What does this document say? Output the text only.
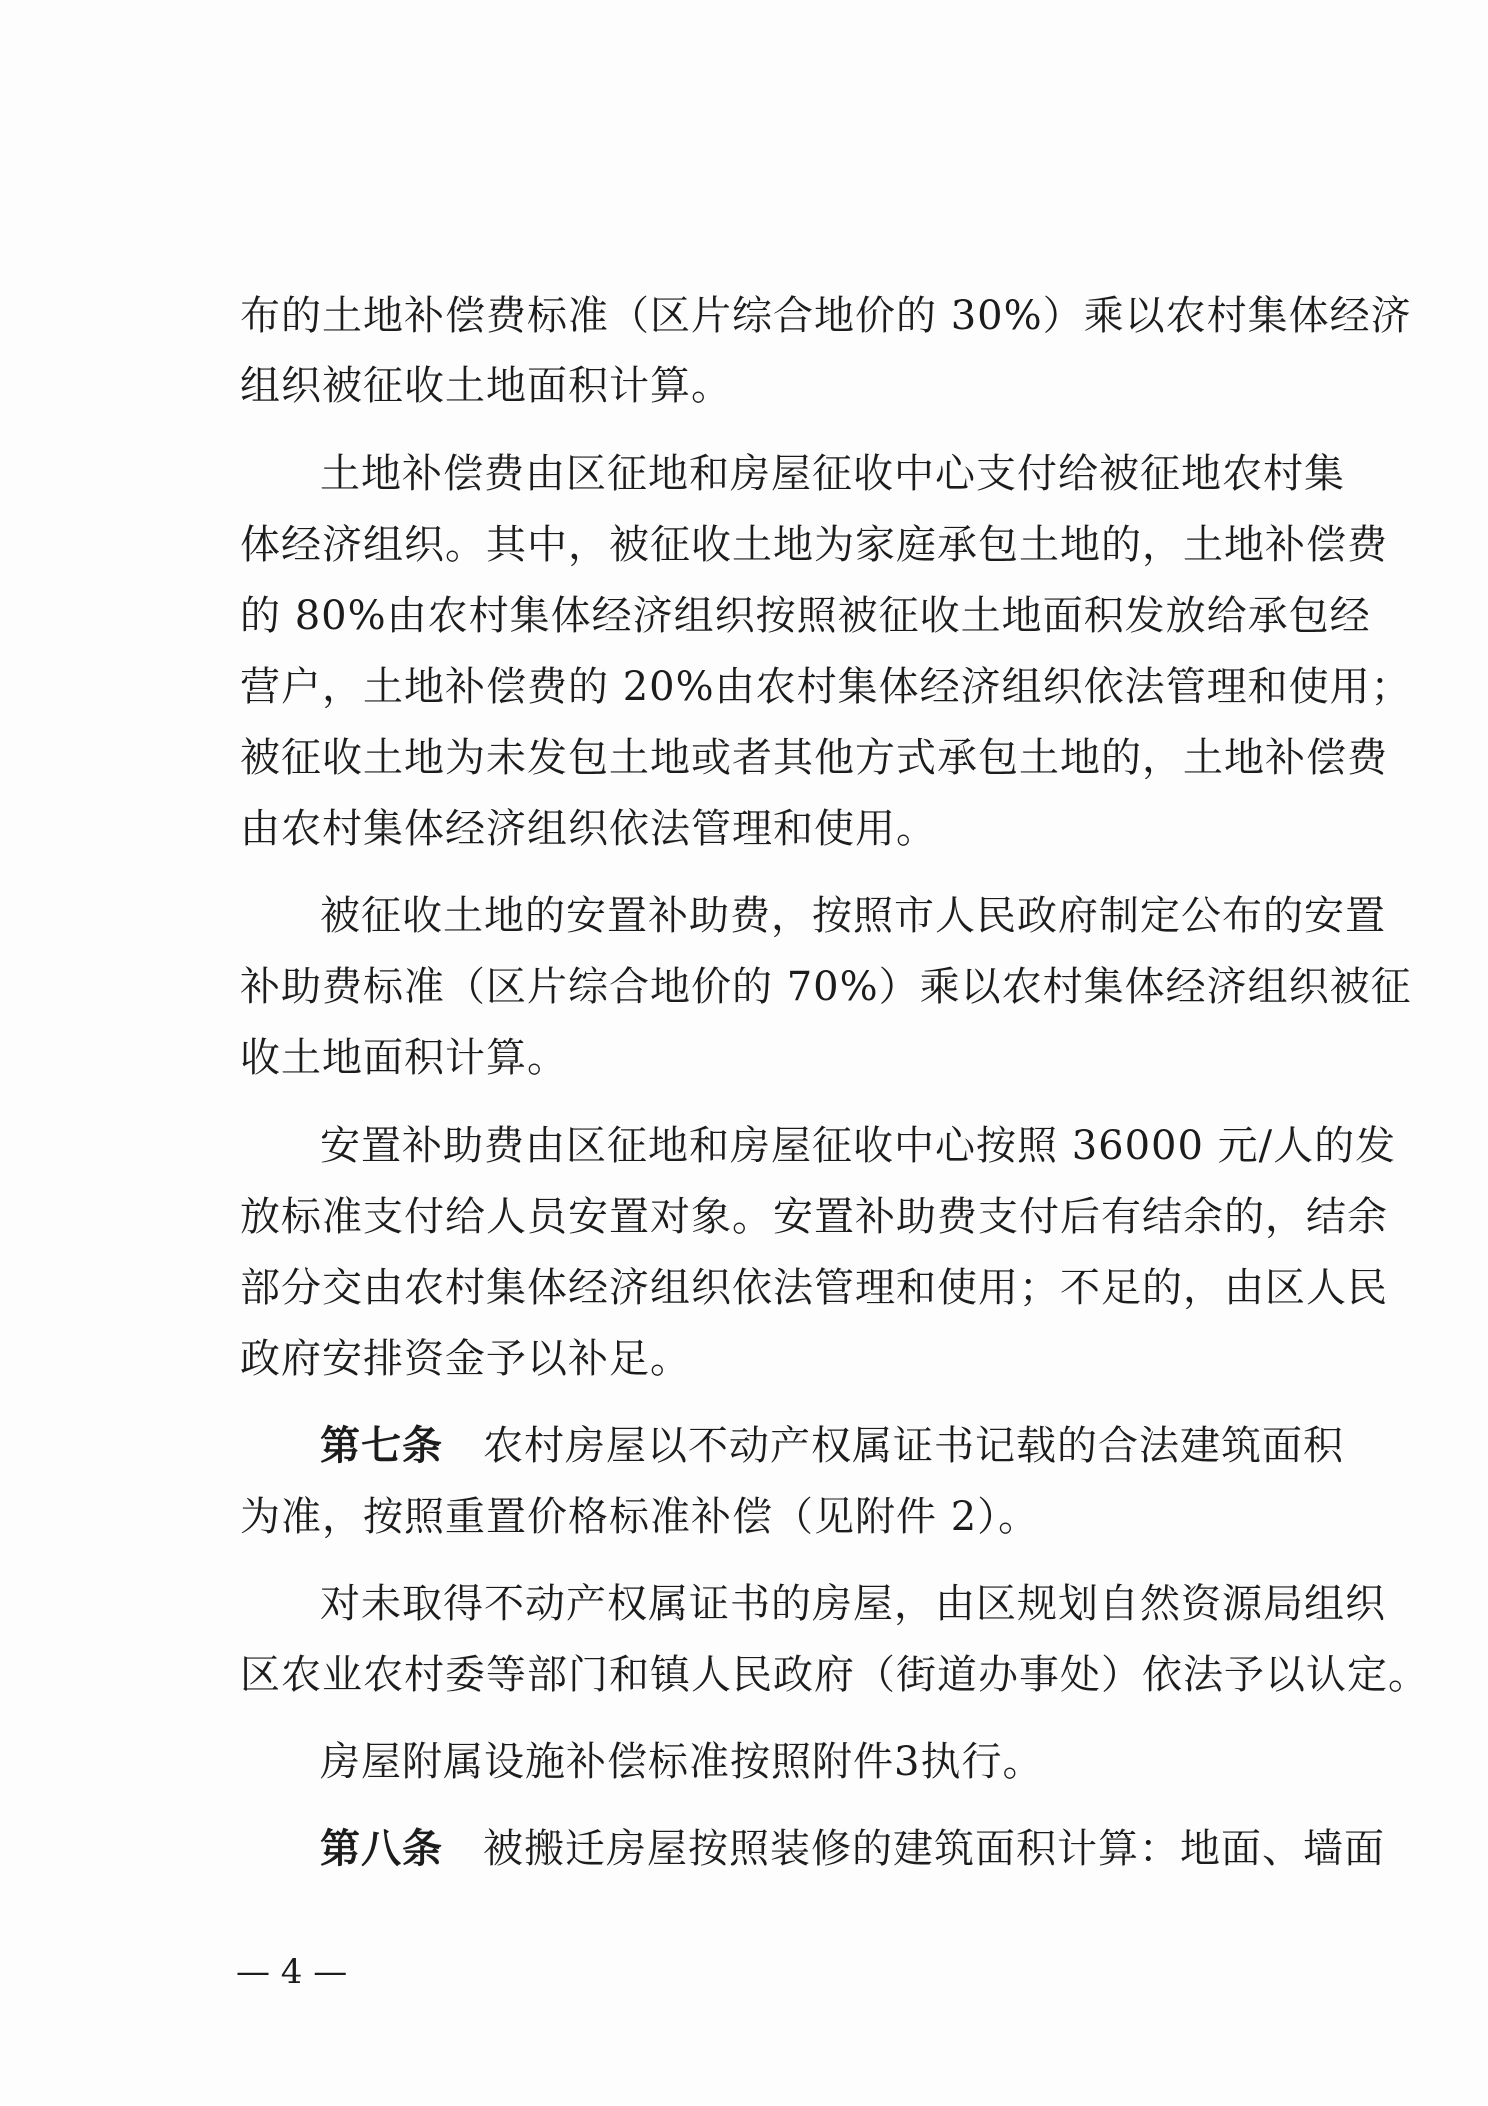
布的土地补偿费标准（区片综合地价的 30%）乘以农村集体经济
组织被征收土地面积计算。
土地补偿费由区征地和房屋征收中心支付给被征地农村集
体经济组织。其中，被征收土地为家庭承包土地的，土地补偿费
的 80%由农村集体经济组织按照被征收土地面积发放给承包经
营户，土地补偿费的 20%由农村集体经济组织依法管理和使用；
被征收土地为未发包土地或者其他方式承包土地的，土地补偿费
由农村集体经济组织依法管理和使用。
被征收土地的安置补助费，按照市人民政府制定公布的安置
补助费标准（区片综合地价的 70%）乘以农村集体经济组织被征
收土地面积计算。
安置补助费由区征地和房屋征收中心按照 36000 元/人的发
放标准支付给人员安置对象。安置补助费支付后有结余的，结余
部分交由农村集体经济组织依法管理和使用；不足的，由区人民
政府安排资金予以补足。
第七条 农村房屋以不动产权属证书记载的合法建筑面积
为准，按照重置价格标准补偿（见附件 2）。
对未取得不动产权属证书的房屋，由区规划自然资源局组织
区农业农村委等部门和镇人民政府（街道办事处）依法予以认定。
房屋附属设施补偿标准按照附件3执行。
第八条 被搬迁房屋按照装修的建筑面积计算：地面、墙面
— 4 —
